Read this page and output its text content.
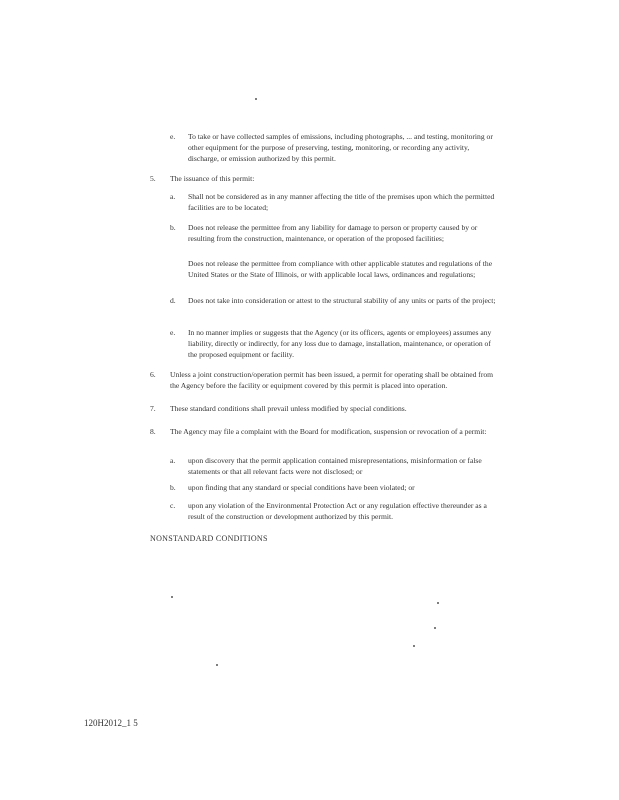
e. To take or have collected samples of emissions, including photographs, ... and testing, monitoring or other equipment for the purpose of preserving, testing, monitoring, or recording any activity, discharge, or emission authorized by this permit.
5. The issuance of this permit:
a. Shall not be considered as in any manner affecting the title of the premises upon which the permitted facilities are to be located;
b. Does not release the permittee from any liability for damage to person or property caused by or resulting from the construction, maintenance, or operation of the proposed facilities;
Does not release the permittee from compliance with other applicable statutes and regulations of the United States or the State of Illinois, or with applicable local laws, ordinances and regulations;
d. Does not take into consideration or attest to the structural stability of any units or parts of the project;
e. In no manner implies or suggests that the Agency (or its officers, agents or employees) assumes any liability, directly or indirectly, for any loss due to damage, installation, maintenance, or operation of the proposed equipment or facility.
6. Unless a joint construction/operation permit has been issued, a permit for operating shall be obtained from the Agency before the facility or equipment covered by this permit is placed into operation.
7. These standard conditions shall prevail unless modified by special conditions.
8. The Agency may file a complaint with the Board for modification, suspension or revocation of a permit:
a. upon discovery that the permit application contained misrepresentations, misinformation or false statements or that all relevant facts were not disclosed; or
b. upon finding that any standard or special conditions have been violated; or
c. upon any violation of the Environmental Protection Act or any regulation effective thereunder as a result of the construction or development authorized by this permit.
NONSTANDARD CONDITIONS
120H2012_1 5
